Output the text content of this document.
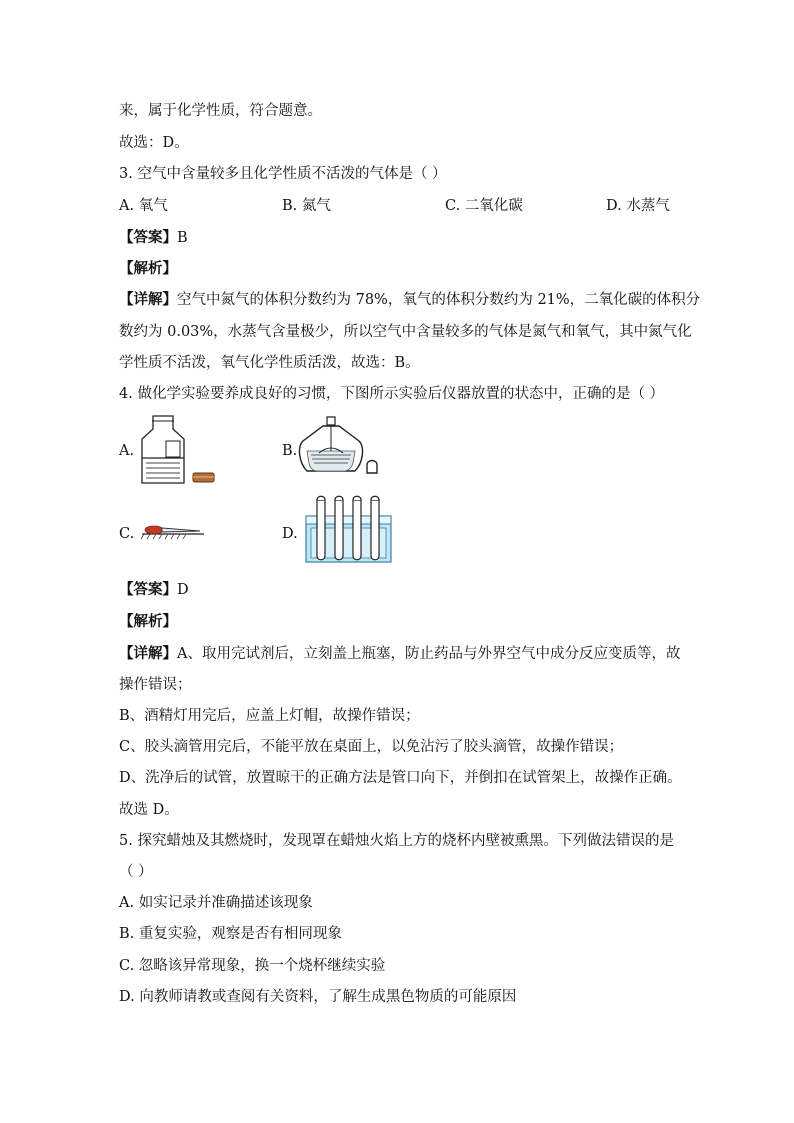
来，属于化学性质，符合题意。
故选：D。
3. 空气中含量较多且化学性质不活泼的气体是（ ）
A. 氧气	B. 氮气	C. 二氧化碳	D. 水蒸气
【答案】B
【解析】
【详解】空气中氮气的体积分数约为 78%，氧气的体积分数约为 21%，二氧化碳的体积分
数约为 0.03%，水蒸气含量极少，所以空气中含量较多的气体是氮气和氧气，其中氮气化
学性质不活泼，氧气化学性质活泼，故选：B。
4. 做化学实验要养成良好的习惯，下图所示实验后仪器放置的状态中，正确的是（ ）
A.	B.
C.	D.
【答案】D
【解析】
【详解】A、取用完试剂后，立刻盖上瓶塞，防止药品与外界空气中成分反应变质等，故
操作错误；
B、酒精灯用完后，应盖上灯帽，故操作错误；
C、胶头滴管用完后，不能平放在桌面上，以免沾污了胶头滴管，故操作错误；
D、洗净后的试管，放置晾干的正确方法是管口向下，并倒扣在试管架上，故操作正确。
故选 D。
5. 探究蜡烛及其燃烧时，发现罩在蜡烛火焰上方的烧杯内壁被熏黑。下列做法错误的是
（ ）
A. 如实记录并准确描述该现象
B. 重复实验，观察是否有相同现象
C. 忽略该异常现象，换一个烧杯继续实验
D. 向教师请教或查阅有关资料，了解生成黑色物质的可能原因
